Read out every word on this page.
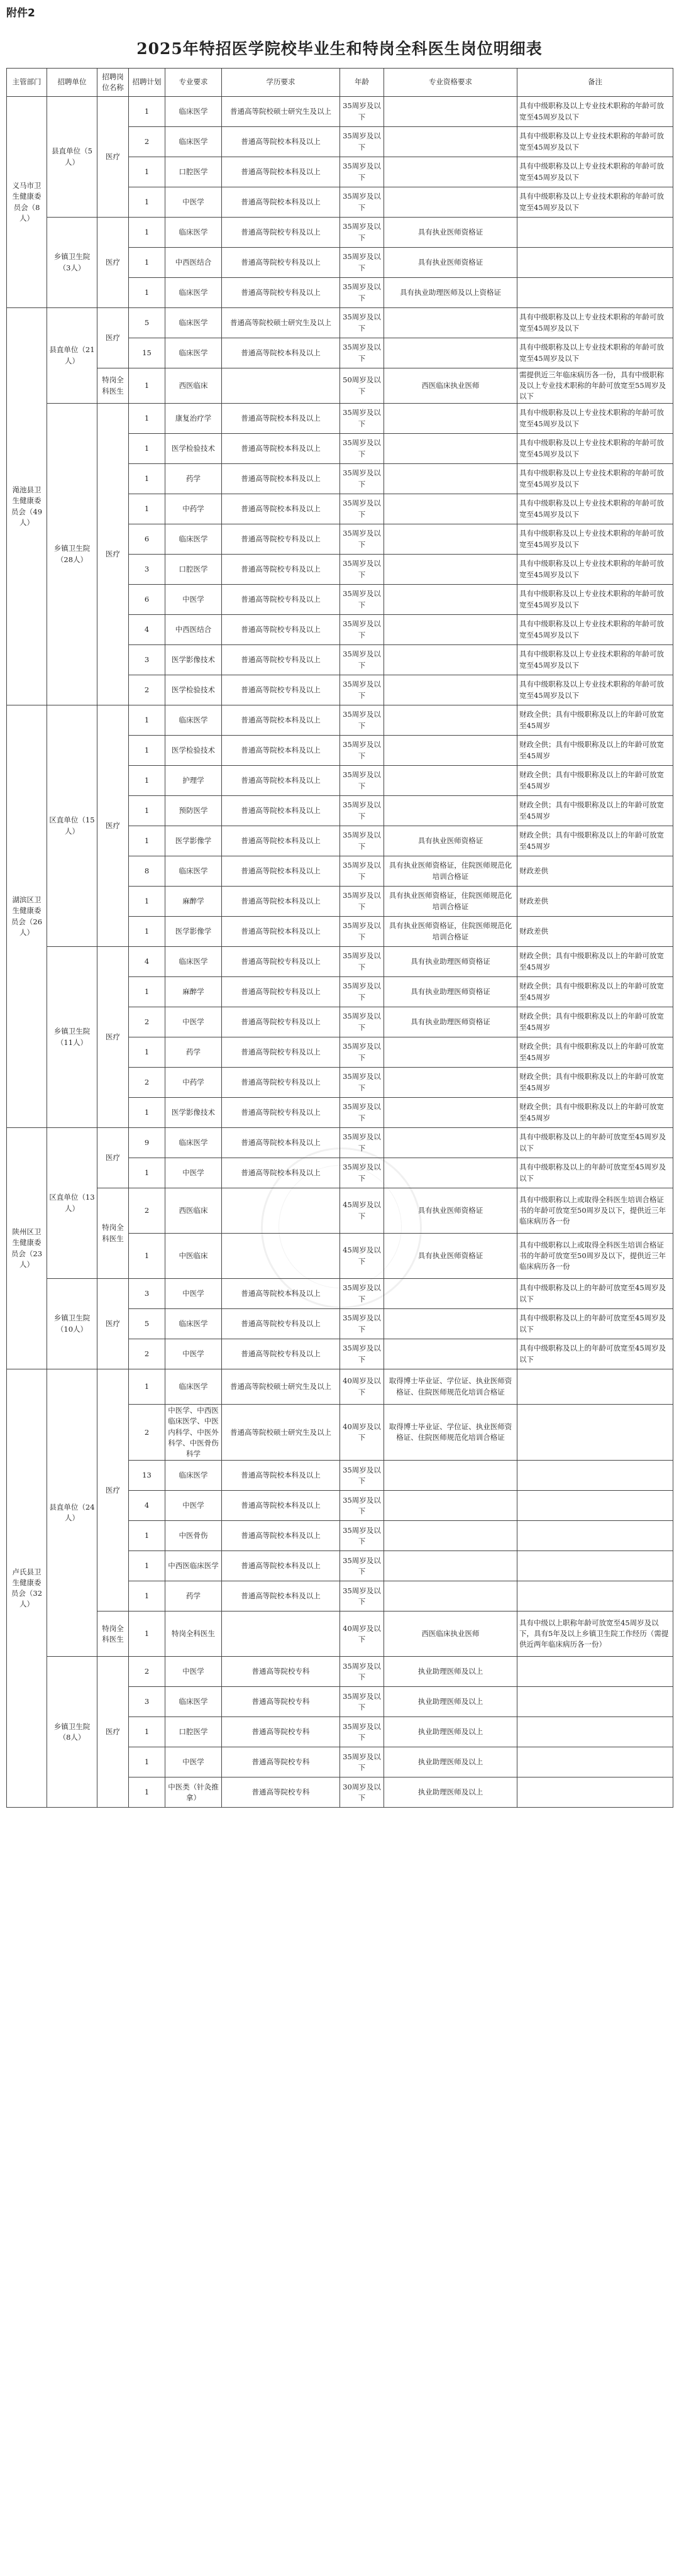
附件2
2025年特招医学院校毕业生和特岗全科医生岗位明细表
主管部门	招聘单位	招聘岗位名称	招聘计划	专业要求	学历要求	年龄	专业资格要求	备注
义马市卫生健康委员会（8人）	县直单位（5人）	医疗	1	临床医学	普通高等院校硕士研究生及以上	35周岁及以下		具有中级职称及以上专业技术职称的年龄可放宽至45周岁及以下
			2	临床医学	普通高等院校本科及以上	35周岁及以下		具有中级职称及以上专业技术职称的年龄可放宽至45周岁及以下
			1	口腔医学	普通高等院校本科及以上	35周岁及以下		具有中级职称及以上专业技术职称的年龄可放宽至45周岁及以下
			1	中医学	普通高等院校本科及以上	35周岁及以下		具有中级职称及以上专业技术职称的年龄可放宽至45周岁及以下
	乡镇卫生院（3人）	医疗	1	临床医学	普通高等院校专科及以上	35周岁及以下	具有执业医师资格证	
			1	中西医结合	普通高等院校专科及以上	35周岁及以下	具有执业医师资格证	
			1	临床医学	普通高等院校专科及以上	35周岁及以下	具有执业助理医师及以上资格证	
渑池县卫生健康委员会（49人）	县直单位（21人）	医疗	5	临床医学	普通高等院校硕士研究生及以上	35周岁及以下		具有中级职称及以上专业技术职称的年龄可放宽至45周岁及以下
			15	临床医学	普通高等院校本科及以上	35周岁及以下		具有中级职称及以上专业技术职称的年龄可放宽至45周岁及以下
		特岗全科医生	1	西医临床		50周岁及以下	西医临床执业医师	需提供近三年临床病历各一份，具有中级职称及以上专业技术职称的年龄可放宽至55周岁及以下
	乡镇卫生院（28人）	医疗	1	康复治疗学	普通高等院校本科及以上	35周岁及以下		具有中级职称及以上专业技术职称的年龄可放宽至45周岁及以下
			1	医学检验技术	普通高等院校本科及以上	35周岁及以下		具有中级职称及以上专业技术职称的年龄可放宽至45周岁及以下
			1	药学	普通高等院校本科及以上	35周岁及以下		具有中级职称及以上专业技术职称的年龄可放宽至45周岁及以下
			1	中药学	普通高等院校本科及以上	35周岁及以下		具有中级职称及以上专业技术职称的年龄可放宽至45周岁及以下
			6	临床医学	普通高等院校专科及以上	35周岁及以下		具有中级职称及以上专业技术职称的年龄可放宽至45周岁及以下
			3	口腔医学	普通高等院校专科及以上	35周岁及以下		具有中级职称及以上专业技术职称的年龄可放宽至45周岁及以下
			6	中医学	普通高等院校专科及以上	35周岁及以下		具有中级职称及以上专业技术职称的年龄可放宽至45周岁及以下
			4	中西医结合	普通高等院校专科及以上	35周岁及以下		具有中级职称及以上专业技术职称的年龄可放宽至45周岁及以下
			3	医学影像技术	普通高等院校专科及以上	35周岁及以下		具有中级职称及以上专业技术职称的年龄可放宽至45周岁及以下
			2	医学检验技术	普通高等院校专科及以上	35周岁及以下		具有中级职称及以上专业技术职称的年龄可放宽至45周岁及以下
湖滨区卫生健康委员会（26人）	区直单位（15人）	医疗	1	临床医学	普通高等院校本科及以上	35周岁及以下		财政全供；具有中级职称及以上的年龄可放宽至45周岁
			1	医学检验技术	普通高等院校本科及以上	35周岁及以下		财政全供；具有中级职称及以上的年龄可放宽至45周岁
			1	护理学	普通高等院校本科及以上	35周岁及以下		财政全供；具有中级职称及以上的年龄可放宽至45周岁
			1	预防医学	普通高等院校本科及以上	35周岁及以下		财政全供；具有中级职称及以上的年龄可放宽至45周岁
			1	医学影像学	普通高等院校本科及以上	35周岁及以下	具有执业医师资格证	财政全供；具有中级职称及以上的年龄可放宽至45周岁
			8	临床医学	普通高等院校本科及以上	35周岁及以下	具有执业医师资格证，住院医师规范化培训合格证	财政差供
			1	麻醉学	普通高等院校本科及以上	35周岁及以下	具有执业医师资格证，住院医师规范化培训合格证	财政差供
			1	医学影像学	普通高等院校本科及以上	35周岁及以下	具有执业医师资格证，住院医师规范化培训合格证	财政差供
	乡镇卫生院（11人）	医疗	4	临床医学	普通高等院校专科及以上	35周岁及以下	具有执业助理医师资格证	财政全供；具有中级职称及以上的年龄可放宽至45周岁
			1	麻醉学	普通高等院校专科及以上	35周岁及以下	具有执业助理医师资格证	财政全供；具有中级职称及以上的年龄可放宽至45周岁
			2	中医学	普通高等院校专科及以上	35周岁及以下	具有执业助理医师资格证	财政全供；具有中级职称及以上的年龄可放宽至45周岁
			1	药学	普通高等院校专科及以上	35周岁及以下		财政全供；具有中级职称及以上的年龄可放宽至45周岁
			2	中药学	普通高等院校专科及以上	35周岁及以下		财政全供；具有中级职称及以上的年龄可放宽至45周岁
			1	医学影像技术	普通高等院校专科及以上	35周岁及以下		财政全供；具有中级职称及以上的年龄可放宽至45周岁
陕州区卫生健康委员会（23人）	区直单位（13人）	医疗	9	临床医学	普通高等院校本科及以上	35周岁及以下		具有中级职称及以上的年龄可放宽至45周岁及以下
			1	中医学	普通高等院校本科及以上	35周岁及以下		具有中级职称及以上的年龄可放宽至45周岁及以下
		特岗全科医生	2	西医临床		45周岁及以下	具有执业医师资格证	具有中级职称以上或取得全科医生培训合格证书的年龄可放宽至50周岁及以下，提供近三年临床病历各一份
			1	中医临床		45周岁及以下	具有执业医师资格证	具有中级职称以上或取得全科医生培训合格证书的年龄可放宽至50周岁及以下，提供近三年临床病历各一份
	乡镇卫生院（10人）	医疗	3	中医学	普通高等院校本科及以上	35周岁及以下		具有中级职称及以上的年龄可放宽至45周岁及以下
			5	临床医学	普通高等院校专科及以上	35周岁及以下		具有中级职称及以上的年龄可放宽至45周岁及以下
			2	中医学	普通高等院校专科及以上	35周岁及以下		具有中级职称及以上的年龄可放宽至45周岁及以下
卢氏县卫生健康委员会（32人）	县直单位（24人）	医疗	1	临床医学	普通高等院校硕士研究生及以上	40周岁及以下	取得博士毕业证、学位证、执业医师资格证、住院医师规范化培训合格证	
			2	中医学、中西医临床医学、中医内科学、中医外科学、中医骨伤科学	普通高等院校硕士研究生及以上	40周岁及以下	取得博士毕业证、学位证、执业医师资格证、住院医师规范化培训合格证	
			13	临床医学	普通高等院校本科及以上	35周岁及以下		
			4	中医学	普通高等院校本科及以上	35周岁及以下		
			1	中医骨伤	普通高等院校本科及以上	35周岁及以下		
			1	中西医临床医学	普通高等院校本科及以上	35周岁及以下		
			1	药学	普通高等院校本科及以上	35周岁及以下		
		特岗全科医生	1	特岗全科医生		40周岁及以下	西医临床执业医师	具有中级以上职称年龄可放宽至45周岁及以下，具有5年及以上乡镇卫生院工作经历（需提供近两年临床病历各一份）
	乡镇卫生院（8人）	医疗	2	中医学	普通高等院校专科	35周岁及以下	执业助理医师及以上	
			3	临床医学	普通高等院校专科	35周岁及以下	执业助理医师及以上	
			1	口腔医学	普通高等院校专科	35周岁及以下	执业助理医师及以上	
			1	中医学	普通高等院校专科	35周岁及以下	执业助理医师及以上	
			1	中医类（针灸推拿）	普通高等院校专科	30周岁及以下	执业助理医师及以上	
